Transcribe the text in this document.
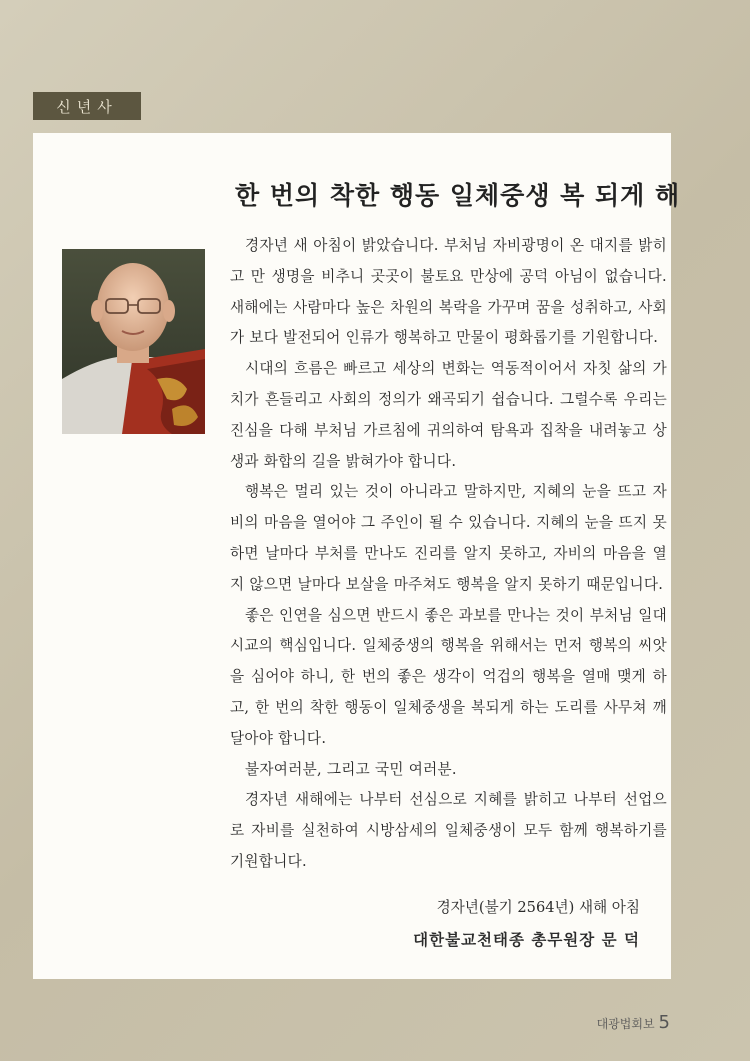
신년사
한 번의 착한 행동 일체중생 복 되게 해

경자년 새 아침이 밝았습니다. 부처님 자비광명이 온 대지를 밝히고 만 생명을 비추니 곳곳이 불토요 만상에 공덕 아님이 없습니다. 새해에는 사람마다 높은 차원의 복락을 가꾸며 꿈을 성취하고, 사회가 보다 발전되어 인류가 행복하고 만물이 평화롭기를 기원합니다.

시대의 흐름은 빠르고 세상의 변화는 역동적이어서 자칫 삶의 가치가 흔들리고 사회의 정의가 왜곡되기 쉽습니다. 그럴수록 우리는 진심을 다해 부처님 가르침에 귀의하여 탐욕과 집착을 내려놓고 상생과 화합의 길을 밝혀가야 합니다.

행복은 멀리 있는 것이 아니라고 말하지만, 지혜의 눈을 뜨고 자비의 마음을 열어야 그 주인이 될 수 있습니다. 지혜의 눈을 뜨지 못하면 날마다 부처를 만나도 진리를 알지 못하고, 자비의 마음을 열지 않으면 날마다 보살을 마주쳐도 행복을 알지 못하기 때문입니다.

좋은 인연을 심으면 반드시 좋은 과보를 만나는 것이 부처님 일대시교의 핵심입니다. 일체중생의 행복을 위해서는 먼저 행복의 씨앗을 심어야 하니, 한 번의 좋은 생각이 억겁의 행복을 열매 맺게 하고, 한 번의 착한 행동이 일체중생을 복되게 하는 도리를 사무쳐 깨달아야 합니다.

불자여러분, 그리고 국민 여러분.

경자년 새해에는 나부터 선심으로 지혜를 밝히고 나부터 선업으로 자비를 실천하여 시방삼세의 일체중생이 모두 함께 행복하기를 기원합니다.

경자년(불기 2564년) 새해 아침
대한불교천태종 총무원장 문 덕
대광법회보 5
